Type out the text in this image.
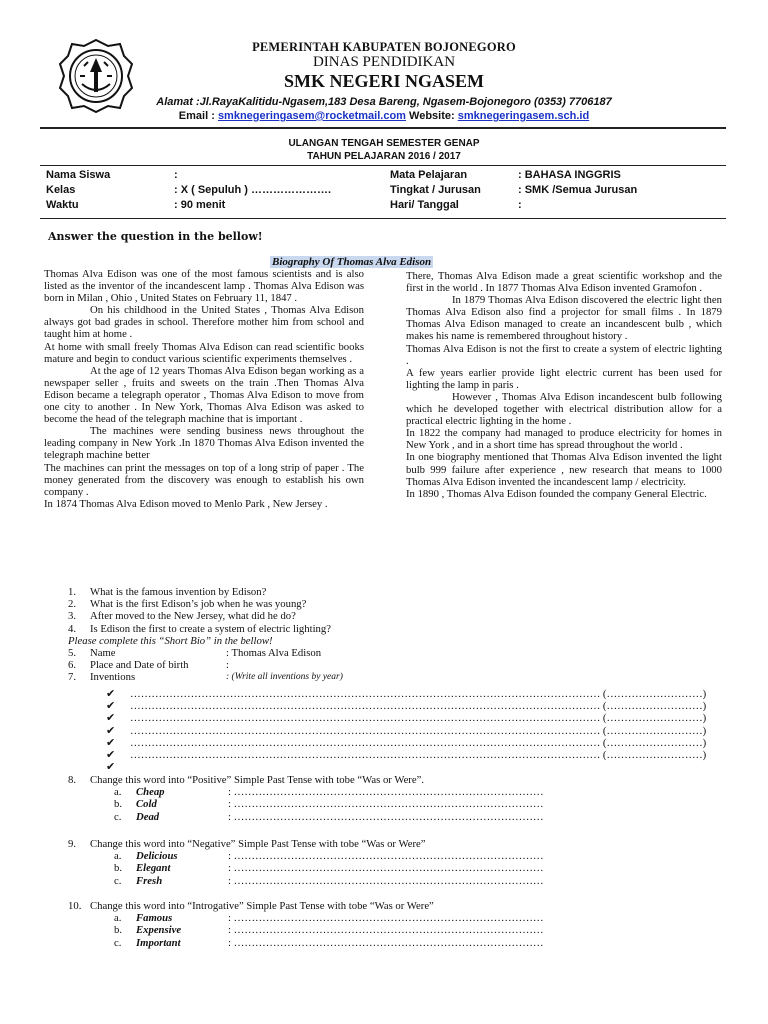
PEMERINTAH KABUPATEN BOJONEGORO
DINAS PENDIDIKAN
SMK NEGERI NGASEM
Alamat :Jl.RayaKalitidu-Ngasem,183 Desa Bareng, Ngasem-Bojonegoro (0353) 7706187
Email : smknegeringasem@rocketmail.com Website: smknegeringasem.sch.id
ULANGAN TENGAH SEMESTER GENAP
TAHUN PELAJARAN 2016 / 2017
Nama Siswa	:
Kelas	: X ( Sepuluh ) ………………….
Waktu	: 90 menit
Mata Pelajaran	: BAHASA INGGRIS
Tingkat / Jurusan	: SMK /Semua Jurusan
Hari/ Tanggal	:
Answer the question in the bellow!
Biography Of Thomas Alva Edison

Thomas Alva Edison was one of the most famous scientists and is also listed as the inventor of the incandescent lamp . Thomas Alva Edison was born in Milan , Ohio , United States on February 11, 1847 .

On his childhood in the United States , Thomas Alva Edison always got bad grades in school. Therefore mother him from school and taught him at home .

At home with small freely Thomas Alva Edison can read scientific books mature and begin to conduct various scientific experiments themselves .

At the age of 12 years Thomas Alva Edison began working as a newspaper seller , fruits and sweets on the train .Then Thomas Alva Edison became a telegraph operator , Thomas Alva Edison to move from one city to another . In New York, Thomas Alva Edison was asked to become the head of the telegraph machine that is important .

The machines were sending business news throughout the leading company in New York .In 1870 Thomas Alva Edison invented the telegraph machine better

The machines can print the messages on top of a long strip of paper . The money generated from the discovery was enough to establish his own company .

In 1874 Thomas Alva Edison moved to Menlo Park , New Jersey .

There, Thomas Alva Edison made a great scientific workshop and the first in the world . In 1877 Thomas Alva Edison invented Gramofon .

In 1879 Thomas Alva Edison discovered the electric light then Thomas Alva Edison also find a projector for small films . In 1879 Thomas Alva Edison managed to create an incandescent bulb , which makes his name is remembered throughout history .

Thomas Alva Edison is not the first to create a system of electric lighting .

A few years earlier provide light electric current has been used for lighting the lamp in paris .

However , Thomas Alva Edison incandescent bulb following which he developed together with electrical distribution allow for a practical electric lighting in the home .

In 1822 the company had managed to produce electricity for homes in New York , and in a short time has spread throughout the world .

In one biography mentioned that Thomas Alva Edison invented the light bulb 999 failure after experience , new research that means to 1000 Thomas Alva Edison invented the incandescent lamp / electricity.

In 1890 , Thomas Alva Edison founded the company General Electric.

1. What is the famous invention by Edison?
2. What is the first Edison’s job when he was young?
3. After moved to the New Jersey, what did he do?
4. Is Edison the first to create a system of electric lighting?
Please complete this “Short Bio” in the bellow!
5. Name	: Thomas Alva Edison
6. Place and Date of birth	:
7. Inventions	: (Write all inventions by year)
✔ …………………………………………………………………………………………………………………… (………………………)
✔ …………………………………………………………………………………………………………………… (………………………)
✔ …………………………………………………………………………………………………………………… (………………………)
✔ …………………………………………………………………………………………………………………… (………………………)
✔ …………………………………………………………………………………………………………………… (………………………)
✔ …………………………………………………………………………………………………………………… (………………………)
✔
8. Change this word into “Positive” Simple Past Tense with tobe “Was or Were”.
a. Cheap	: ……………………………………………………………………………
b. Cold	: ……………………………………………………………………………
c. Dead	: ……………………………………………………………………………
9. Change this word into “Negative” Simple Past Tense with tobe “Was or Were”
a. Delicious	: ……………………………………………………………………………
b. Elegant	: ……………………………………………………………………………
c. Fresh	: ……………………………………………………………………………
10. Change this word into “Introgative” Simple Past Tense with tobe “Was or Were”
a. Famous	: ……………………………………………………………………………
b. Expensive	: ……………………………………………………………………………
c. Important	: ……………………………………………………………………………
